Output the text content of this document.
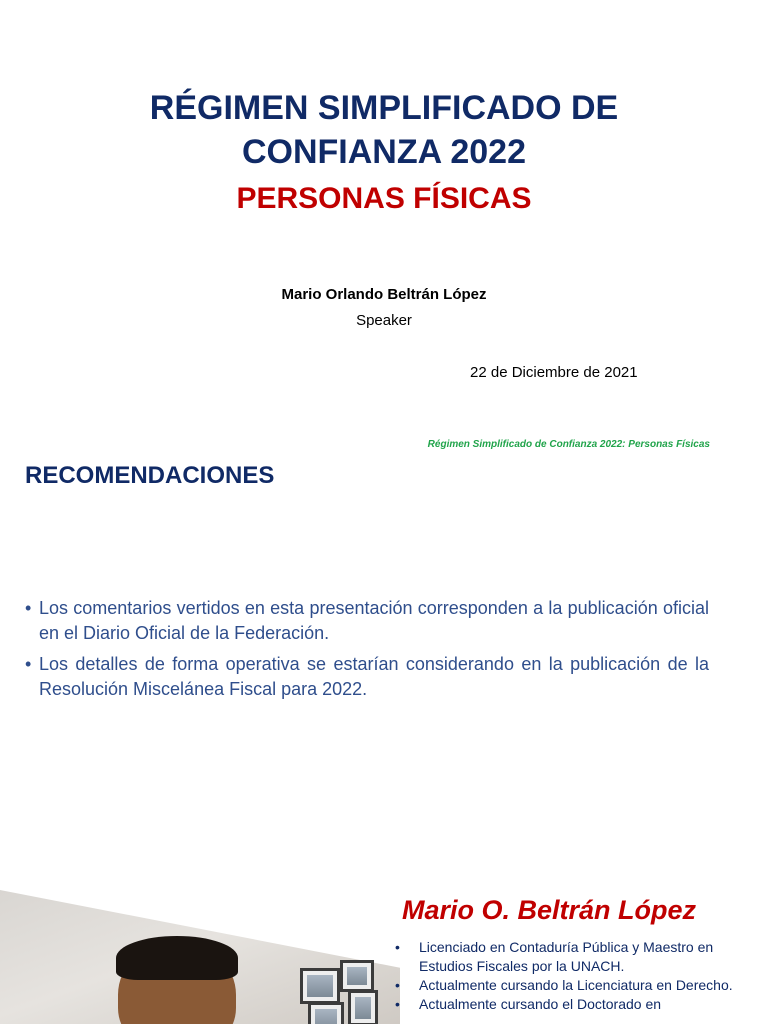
RÉGIMEN SIMPLIFICADO DE
CONFIANZA 2022
PERSONAS FÍSICAS
Mario Orlando Beltrán López
Speaker
22 de Diciembre de 2021
Régimen Simplificado de Confianza 2022: Personas Físicas
RECOMENDACIONES
• Los comentarios vertidos en esta presentación corresponden a la publicación oficial en el Diario Oficial de la Federación.
• Los detalles de forma operativa se estarían considerando en la publicación de la Resolución Miscelánea Fiscal para 2022.
Mario O. Beltrán López
• Licenciado en Contaduría Pública y Maestro en Estudios Fiscales por la UNACH.
• Actualmente cursando la Licenciatura en Derecho.
• Actualmente cursando el Doctorado en
